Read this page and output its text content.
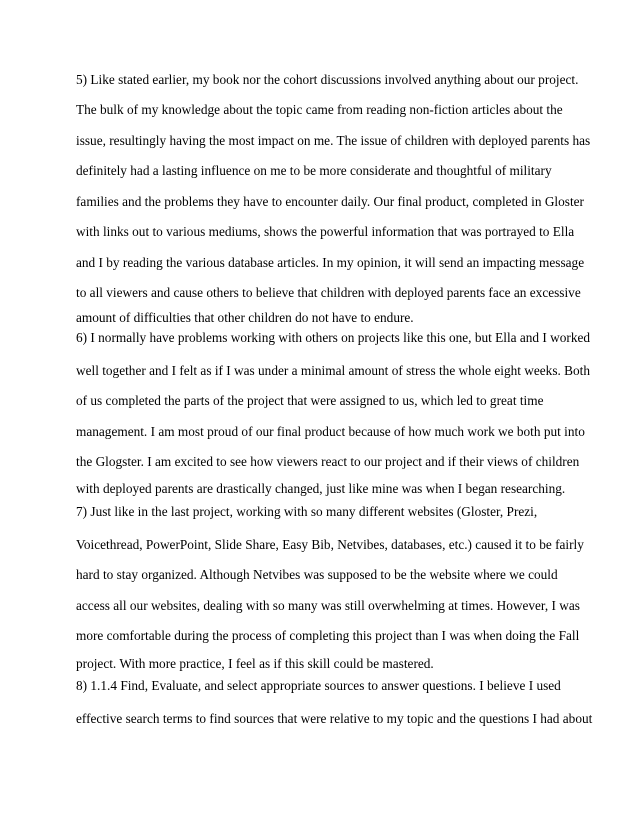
5) Like stated earlier, my book nor the cohort discussions involved anything about our project.

The bulk of my knowledge about the topic came from reading non-fiction articles about the

issue, resultingly having the most impact on me. The issue of children with deployed parents has

definitely had a lasting influence on me to be more considerate and thoughtful of military

families and the problems they have to encounter daily. Our final product, completed in Gloster

with links out to various mediums, shows the powerful information that was portrayed to Ella

and I by reading the various database articles. In my opinion, it will send an impacting message

to all viewers and cause others to believe that children with deployed parents face an excessive

amount of difficulties that other children do not have to endure.

6) I normally have problems working with others on projects like this one, but Ella and I worked

well together and I felt as if I was under a minimal amount of stress the whole eight weeks. Both

of us completed the parts of the project that were assigned to us, which led to great time

management. I am most proud of our final product because of how much work we both put into

the Glogster. I am excited to see how viewers react to our project and if their views of children

with deployed parents are drastically changed, just like mine was when I began researching.

7) Just like in the last project, working with so many different websites (Gloster, Prezi,

Voicethread, PowerPoint, Slide Share, Easy Bib, Netvibes, databases, etc.) caused it to be fairly

hard to stay organized. Although Netvibes was supposed to be the website where we could

access all our websites, dealing with so many was still overwhelming at times. However, I was

more comfortable during the process of completing this project than I was when doing the Fall

project. With more practice, I feel as if this skill could be mastered.

8) 1.1.4 Find, Evaluate, and select appropriate sources to answer questions. I believe I used

effective search terms to find sources that were relative to my topic and the questions I had about
